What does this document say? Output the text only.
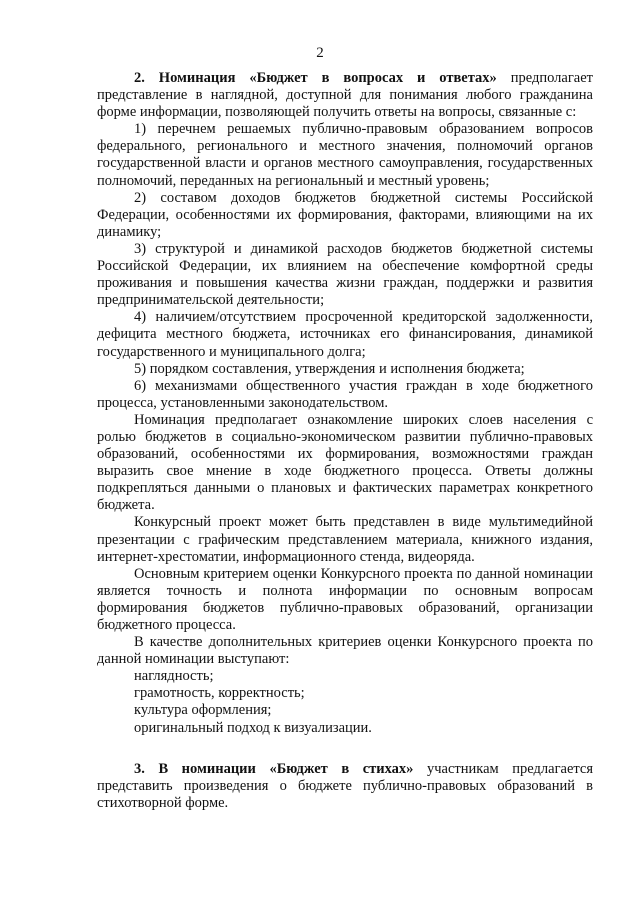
2

2. Номинация «Бюджет в вопросах и ответах» предполагает представление в наглядной, доступной для понимания любого гражданина форме информации, позволяющей получить ответы на вопросы, связанные с:

1) перечнем решаемых публично-правовым образованием вопросов федерального, регионального и местного значения, полномочий органов государственной власти и органов местного самоуправления, государственных полномочий, переданных на региональный и местный уровень;

2) составом доходов бюджетов бюджетной системы Российской Федерации, особенностями их формирования, факторами, влияющими на их динамику;

3) структурой и динамикой расходов бюджетов бюджетной системы Российской Федерации, их влиянием на обеспечение комфортной среды проживания и повышения качества жизни граждан, поддержки и развития предпринимательской деятельности;

4) наличием/отсутствием просроченной кредиторской задолженности, дефицита местного бюджета, источниках его финансирования, динамикой государственного и муниципального долга;

5) порядком составления, утверждения и исполнения бюджета;

6) механизмами общественного участия граждан в ходе бюджетного процесса, установленными законодательством.

Номинация предполагает ознакомление широких слоев населения с ролью бюджетов в социально-экономическом развитии публично-правовых образований, особенностями их формирования, возможностями граждан выразить свое мнение в ходе бюджетного процесса. Ответы должны подкрепляться данными о плановых и фактических параметрах конкретного бюджета.

Конкурсный проект может быть представлен в виде мультимедийной презентации с графическим представлением материала, книжного издания, интернет-хрестоматии, информационного стенда, видеоряда.

Основным критерием оценки Конкурсного проекта по данной номинации является точность и полнота информации по основным вопросам формирования бюджетов публично-правовых образований, организации бюджетного процесса.

В качестве дополнительных критериев оценки Конкурсного проекта по данной номинации выступают:

наглядность;

грамотность, корректность;

культура оформления;

оригинальный подход к визуализации.

3. В номинации «Бюджет в стихах» участникам предлагается представить произведения о бюджете публично-правовых образований в стихотворной форме.
